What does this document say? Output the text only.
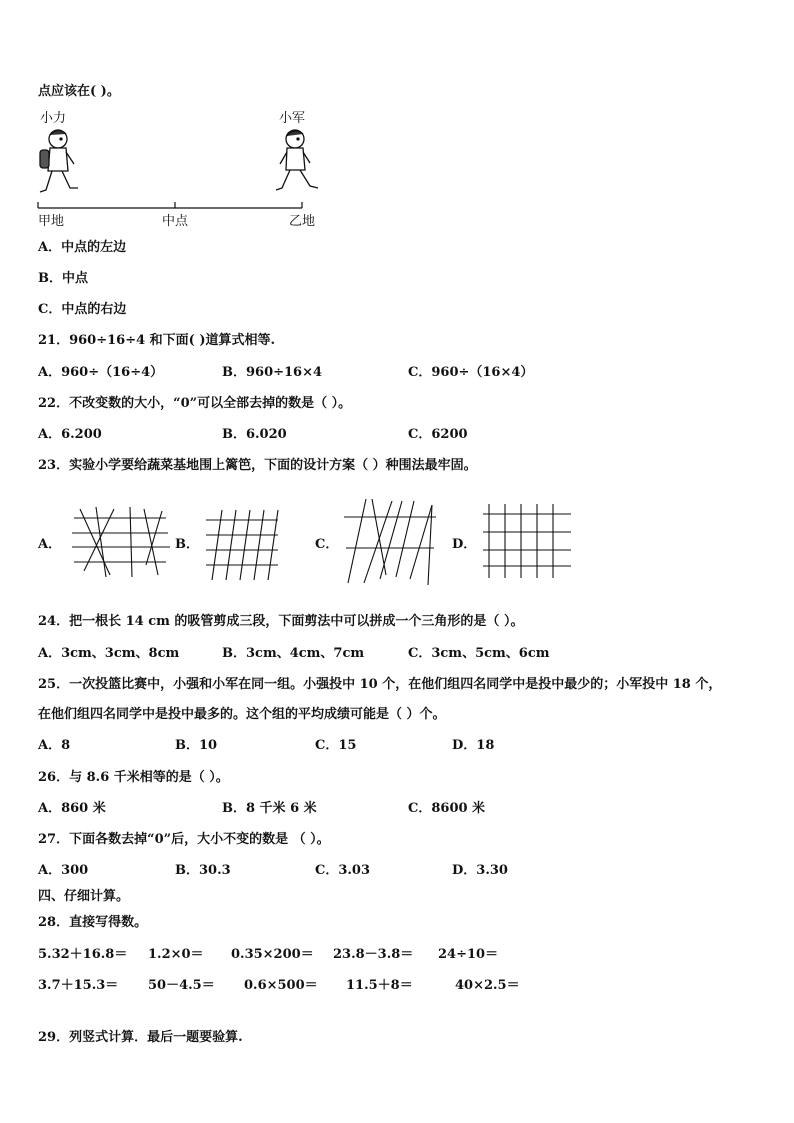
点应该在( )。
小力	小军
甲地	中点	乙地
A．中点的左边
B．中点
C．中点的右边
21．960÷16÷4 和下面( )道算式相等.
A．960÷（16÷4）	B．960÷16×4	C．960÷（16×4）
22．不改变数的大小，“0”可以全部去掉的数是（ ）。
A．6.200	B．6.020	C．6200
23．实验小学要给蔬菜基地围上篱笆，下面的设计方案（ ）种围法最牢固。
A．	B．	C．	D．
24．把一根长 14 cm 的吸管剪成三段，下面剪法中可以拼成一个三角形的是（ ）。
A．3cm、3cm、8cm	B．3cm、4cm、7cm	C．3cm、5cm、6cm
25．一次投篮比赛中，小强和小军在同一组。小强投中 10 个，在他们组四名同学中是投中最少的；小军投中 18 个，
在他们组四名同学中是投中最多的。这个组的平均成绩可能是（ ）个。
A．8	B．10	C．15	D．18
26．与 8.6 千米相等的是（ ）。
A．860 米	B．8 千米 6 米	C．8600 米
27．下面各数去掉“0”后，大小不变的数是 （ ）。
A．300	B．30.3	C．3.03	D．3.30
四、仔细计算。
28．直接写得数。
5.32＋16.8＝ 1.2×0＝ 0.35×200＝ 23.8－3.8＝ 24÷10＝
3.7＋15.3＝ 50－4.5＝ 0.6×500＝ 11.5＋8＝	40×2.5＝
29．列竖式计算．最后一题要验算.
